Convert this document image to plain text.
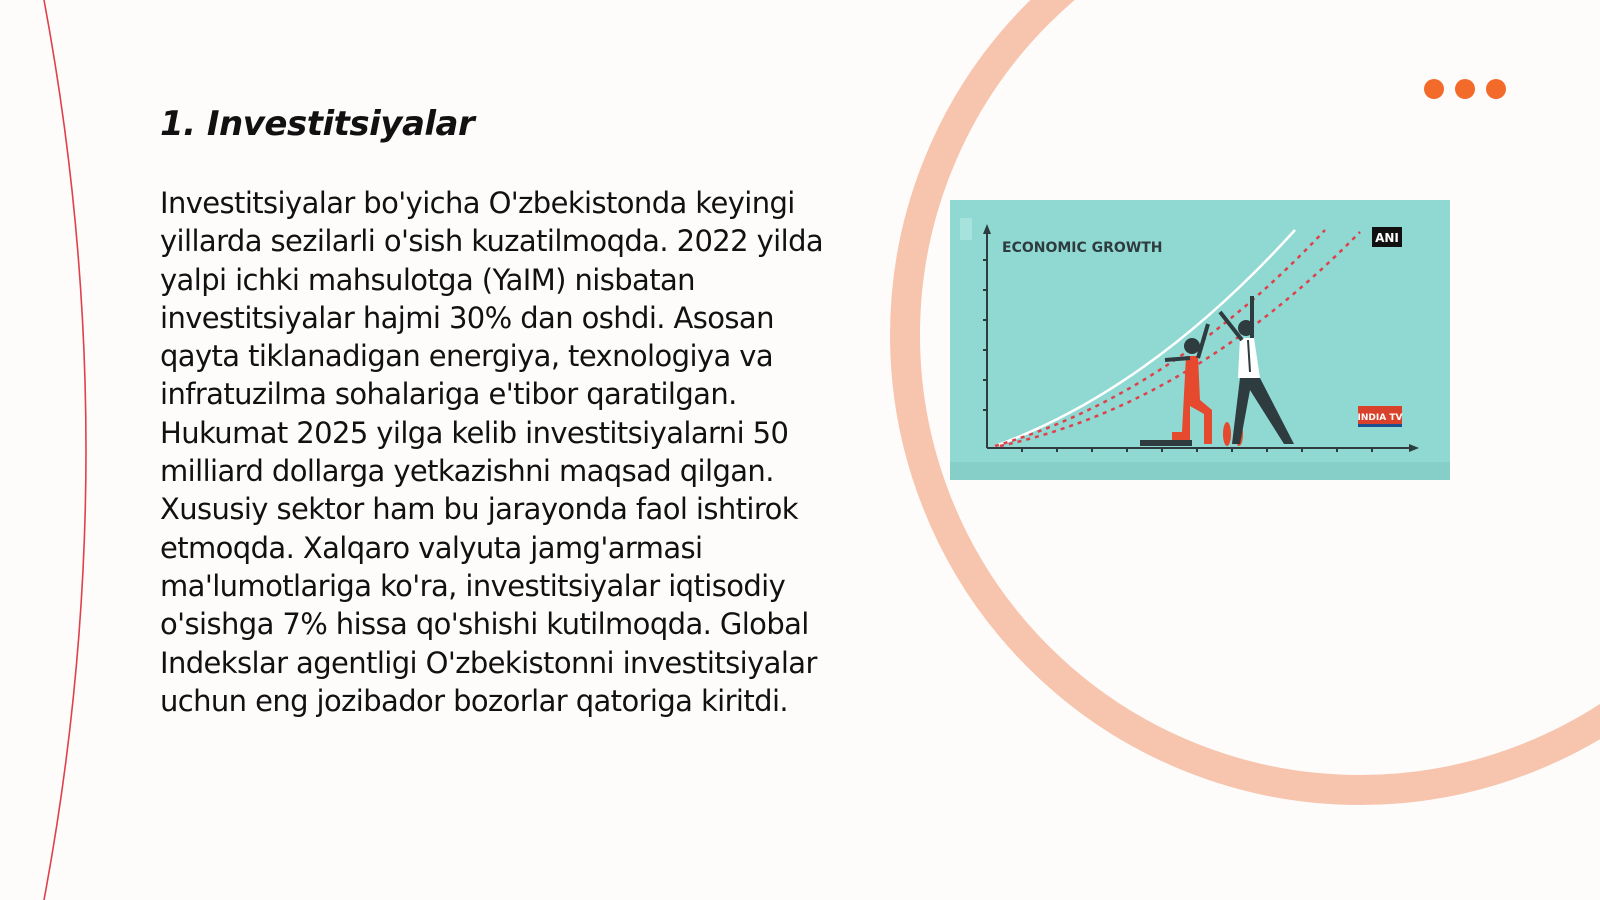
1. Investitsiyalar

Investitsiyalar bo'yicha O'zbekistonda keyingi yillarda sezilarli o'sish kuzatilmoqda. 2022 yilda yalpi ichki mahsulotga (YaIM) nisbatan investitsiyalar hajmi 30% dan oshdi. Asosan qayta tiklanadigan energiya, texnologiya va infratuzilma sohalariga e'tibor qaratilgan. Hukumat 2025 yilga kelib investitsiyalarni 50 milliard dollarga yetkazishni maqsad qilgan. Xususiy sektor ham bu jarayonda faol ishtirok etmoqda. Xalqaro valyuta jamg'armasi ma'lumotlariga ko'ra, investitsiyalar iqtisodiy o'sishga 7% hissa qo'shishi kutilmoqda. Global Indekslar agentligi O'zbekistonni investitsiyalar uchun eng jozibador bozorlar qatoriga kiritdi.

ECONOMIC GROWTH
ANI
INDIA TV
